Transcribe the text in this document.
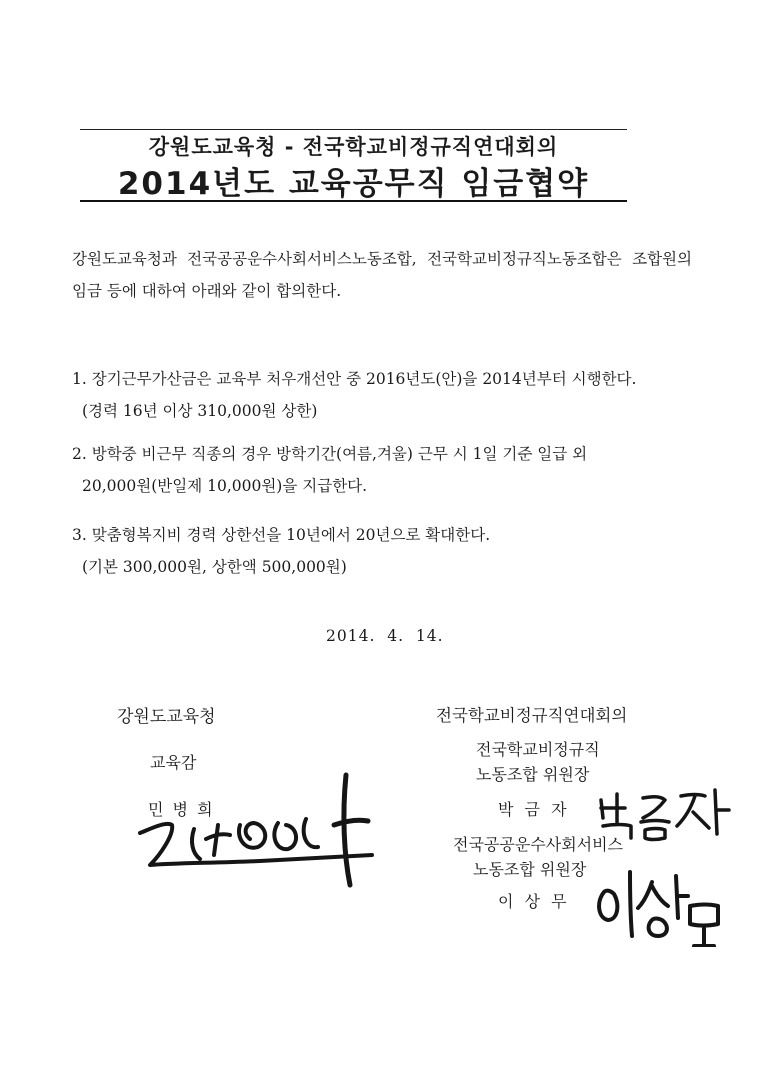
강원도교육청 - 전국학교비정규직연대회의
2014년도 교육공무직 임금협약
강원도교육청과 전국공공운수사회서비스노동조합, 전국학교비정규직노동조합은 조합원의 임금 등에 대하여 아래와 같이 합의한다.
1. 장기근무가산금은 교육부 처우개선안 중 2016년도(안)을 2014년부터 시행한다.
(경력 16년 이상 310,000원 상한)
2. 방학중 비근무 직종의 경우 방학기간(여름,겨울) 근무 시 1일 기준 일급 외
20,000원(반일제 10,000원)을 지급한다.
3. 맞춤형복지비 경력 상한선을 10년에서 20년으로 확대한다.
(기본 300,000원, 상한액 500,000원)
2014.  4.  14.
강원도교육청
교육감
민 병 희
전국학교비정규직연대회의
전국학교비정규직
노동조합 위원장
박 금 자
전국공공운수사회서비스
노동조합 위원장
이 상 무
